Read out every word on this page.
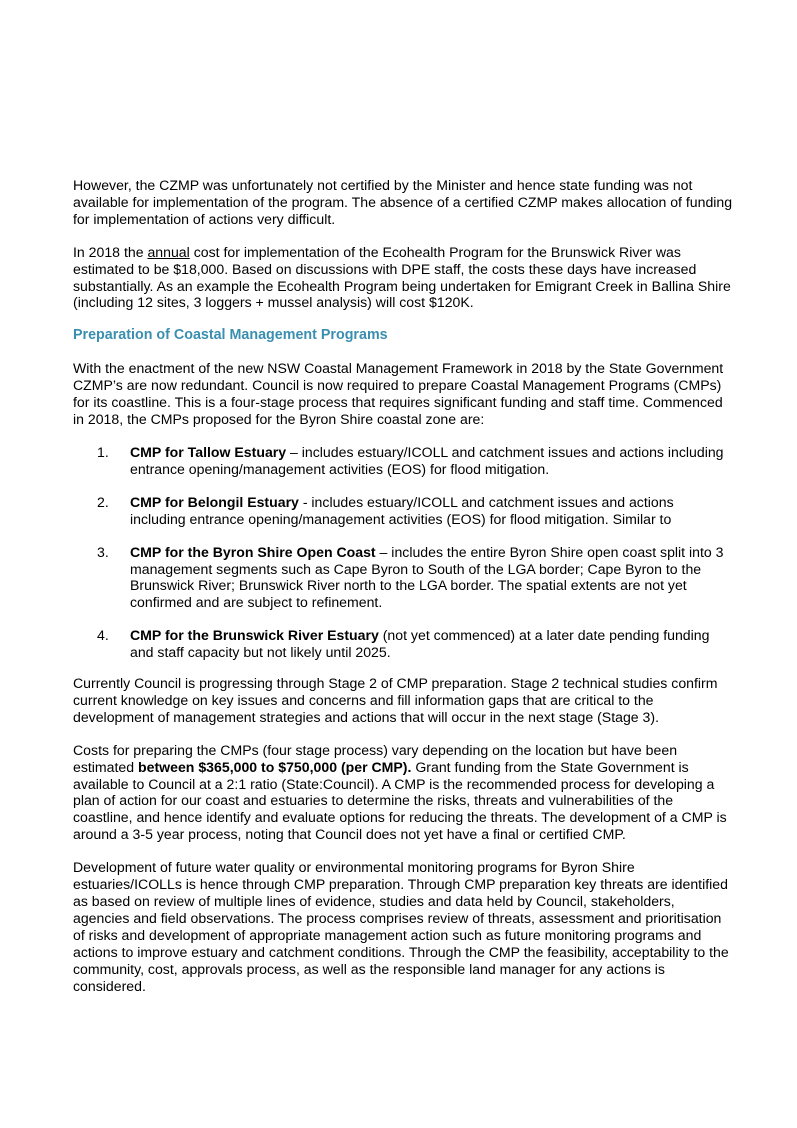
However, the CZMP was unfortunately not certified by the Minister and hence state funding was not available for implementation of the program. The absence of a certified CZMP makes allocation of funding for implementation of actions very difficult.

In 2018 the annual cost for implementation of the Ecohealth Program for the Brunswick River was estimated to be $18,000. Based on discussions with DPE staff, the costs these days have increased substantially. As an example the Ecohealth Program being undertaken for Emigrant Creek in Ballina Shire (including 12 sites, 3 loggers + mussel analysis) will cost $120K.

Preparation of Coastal Management Programs

With the enactment of the new NSW Coastal Management Framework in 2018 by the State Government CZMP’s are now redundant. Council is now required to prepare Coastal Management Programs (CMPs) for its coastline. This is a four-stage process that requires significant funding and staff time. Commenced in 2018, the CMPs proposed for the Byron Shire coastal zone are:

1. CMP for Tallow Estuary – includes estuary/ICOLL and catchment issues and actions including entrance opening/management activities (EOS) for flood mitigation.
2. CMP for Belongil Estuary - includes estuary/ICOLL and catchment issues and actions including entrance opening/management activities (EOS) for flood mitigation. Similar to
3. CMP for the Byron Shire Open Coast – includes the entire Byron Shire open coast split into 3 management segments such as Cape Byron to South of the LGA border; Cape Byron to the Brunswick River; Brunswick River north to the LGA border. The spatial extents are not yet confirmed and are subject to refinement.
4. CMP for the Brunswick River Estuary (not yet commenced) at a later date pending funding and staff capacity but not likely until 2025.

Currently Council is progressing through Stage 2 of CMP preparation. Stage 2 technical studies confirm current knowledge on key issues and concerns and fill information gaps that are critical to the development of management strategies and actions that will occur in the next stage (Stage 3).

Costs for preparing the CMPs (four stage process) vary depending on the location but have been estimated between $365,000 to $750,000 (per CMP). Grant funding from the State Government is available to Council at a 2:1 ratio (State:Council). A CMP is the recommended process for developing a plan of action for our coast and estuaries to determine the risks, threats and vulnerabilities of the coastline, and hence identify and evaluate options for reducing the threats. The development of a CMP is around a 3-5 year process, noting that Council does not yet have a final or certified CMP.

Development of future water quality or environmental monitoring programs for Byron Shire estuaries/ICOLLs is hence through CMP preparation. Through CMP preparation key threats are identified as based on review of multiple lines of evidence, studies and data held by Council, stakeholders, agencies and field observations. The process comprises review of threats, assessment and prioritisation of risks and development of appropriate management action such as future monitoring programs and actions to improve estuary and catchment conditions. Through the CMP the feasibility, acceptability to the community, cost, approvals process, as well as the responsible land manager for any actions is considered.
